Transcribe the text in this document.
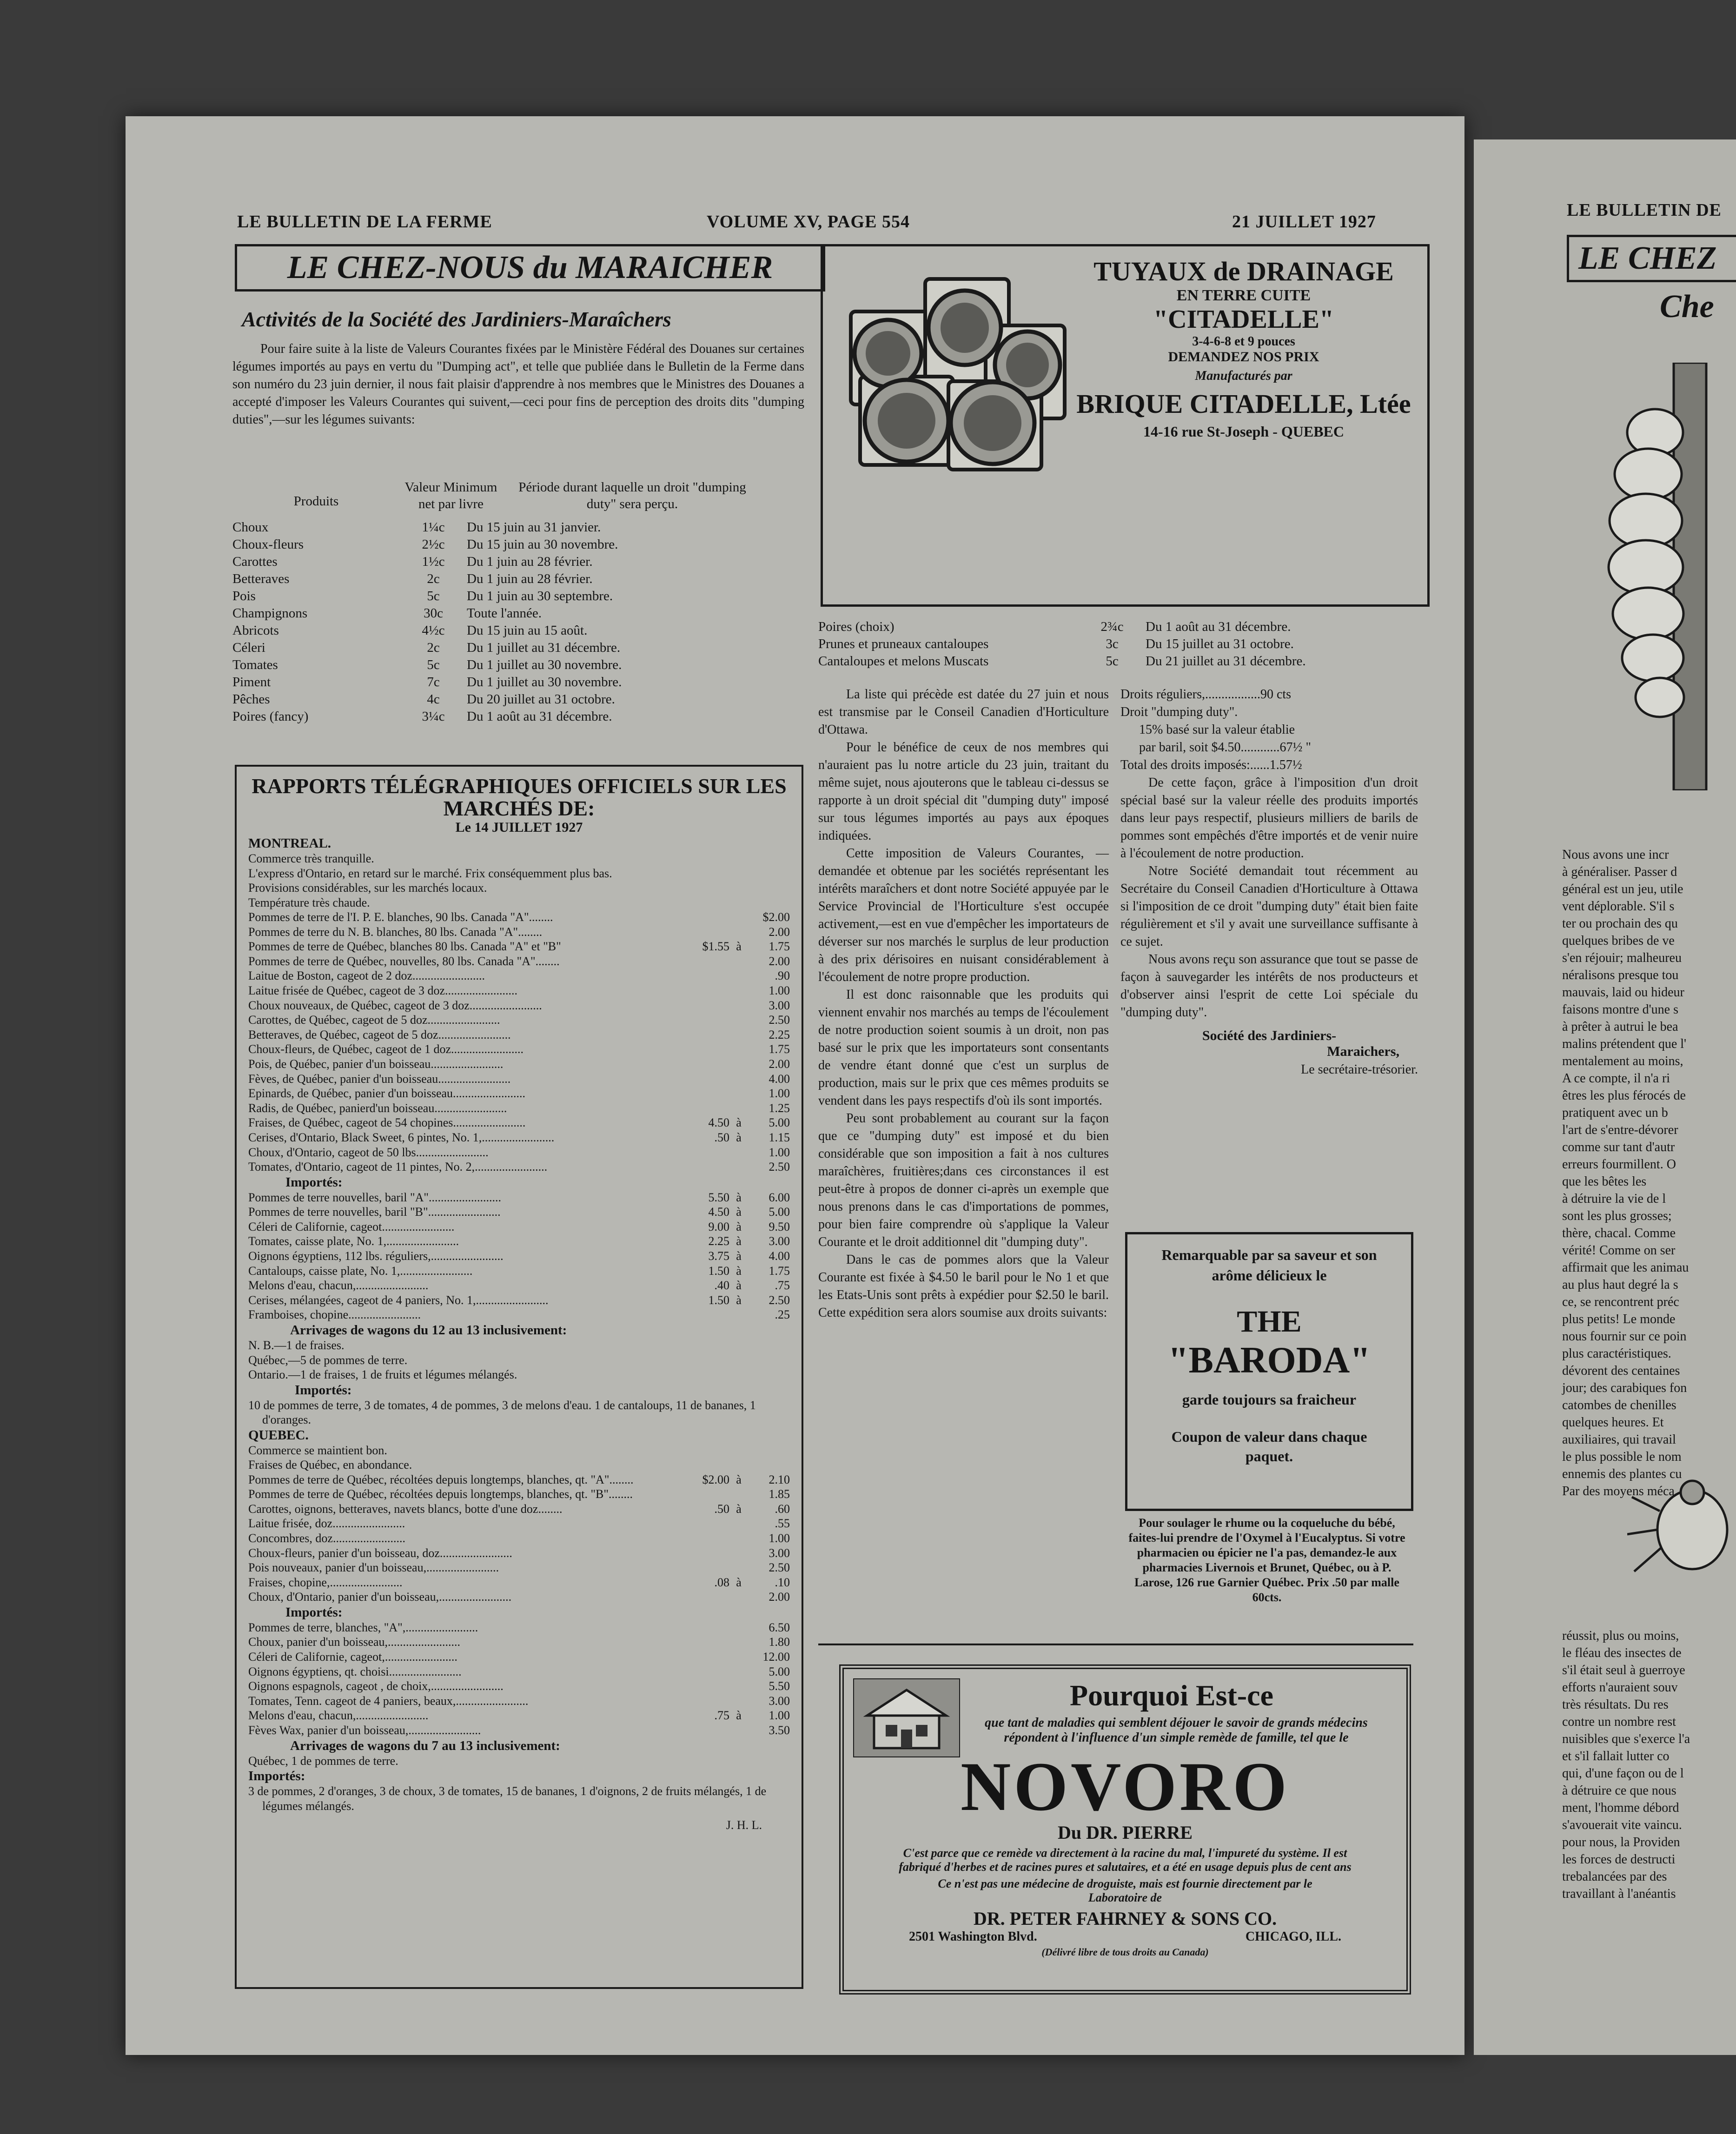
LE BULLETIN DE LA FERME	VOLUME XV, PAGE 554	21 JUILLET 1927
LE CHEZ-NOUS du MARAICHER
Activités de la Société des Jardiniers-Maraîchers

Pour faire suite à la liste de Valeurs Courantes fixées par le Ministère Fédéral des Douanes sur certaines légumes importés au pays en vertu du "Dumping act", et telle que publiée dans le Bulletin de la Ferme dans son numéro du 23 juin dernier, il nous fait plaisir d'apprendre à nos membres que le Ministres des Douanes a accepté d'imposer les Valeurs Courantes qui suivent,—ceci pour fins de perception des droits dits "dumping duties",—sur les légumes suivants:

Produits
Valeur Minimum net par livre
Période durant laquelle un droit "dumping duty" sera perçu.
Choux	1¼c	Du 15 juin au 31 janvier.
Choux-fleurs	2½c	Du 15 juin au 30 novembre.
Carottes	1½c	Du 1 juin au 28 février.
Betteraves	2c	Du 1 juin au 28 février.
Pois	5c	Du 1 juin au 30 septembre.
Champignons	30c	Toute l'année.
Abricots	4½c	Du 15 juin au 15 août.
Céleri	2c	Du 1 juillet au 31 décembre.
Tomates	5c	Du 1 juillet au 30 novembre.
Piment	7c	Du 1 juillet au 30 novembre.
Pêches	4c	Du 20 juillet au 31 octobre.
Poires (fancy)	3¼c	Du 1 août au 31 décembre.
RAPPORTS TÉLÉGRAPHIQUES OFFICIELS SUR LES MARCHÉS DE:
Le 14 JUILLET 1927
MONTREAL.
Commerce très tranquille.
L'express d'Ontario, en retard sur le marché. Frix conséquemment plus bas.
Provisions considérables, sur les marchés locaux.
Température très chaude.
Pommes de terre de l'I. P. E. blanches, 90 lbs. Canada "A"........			$2.00
Pommes de terre du N. B. blanches, 80 lbs. Canada "A"........			2.00
Pommes de terre de Québec, blanches 80 lbs. Canada "A" et "B"	$1.55	à	1.75
Pommes de terre de Québec, nouvelles, 80 lbs. Canada "A"........			2.00
Laitue de Boston, cageot de 2 doz........................			.90
Laitue frisée de Québec, cageot de 3 doz........................			1.00
Choux nouveaux, de Québec, cageot de 3 doz........................			3.00
Carottes, de Québec, cageot de 5 doz........................			2.50
Betteraves, de Québec, cageot de 5 doz........................			2.25
Choux-fleurs, de Québec, cageot de 1 doz........................			1.75
Pois, de Québec, panier d'un boisseau........................			2.00
Fèves, de Québec, panier d'un boisseau........................			4.00
Epinards, de Québec, panier d'un boisseau........................			1.00
Radis, de Québec, panierd'un boisseau........................			1.25
Fraises, de Québec, cageot de 54 chopines........................	4.50	à	5.00
Cerises, d'Ontario, Black Sweet, 6 pintes, No. 1,........................	.50	à	1.15
Choux, d'Ontario, cageot de 50 lbs........................			1.00
Tomates, d'Ontario, cageot de 11 pintes, No. 2,........................			2.50
Importés:
Pommes de terre nouvelles, baril "A"........................	5.50	à	6.00
Pommes de terre nouvelles, baril "B"........................	4.50	à	5.00
Céleri de Californie, cageot........................	9.00	à	9.50
Tomates, caisse plate, No. 1,........................	2.25	à	3.00
Oignons égyptiens, 112 lbs. réguliers,........................	3.75	à	4.00
Cantaloups, caisse plate, No. 1,........................	1.50	à	1.75
Melons d'eau, chacun,........................	.40	à	.75
Cerises, mélangées, cageot de 4 paniers, No. 1,........................	1.50	à	2.50
Framboises, chopine........................			.25
Arrivages de wagons du 12 au 13 inclusivement:
N. B.—1 de fraises.
Québec,—5 de pommes de terre.
Ontario.—1 de fraises, 1 de fruits et légumes mélangés.
Importés:
10 de pommes de terre, 3 de tomates, 4 de pommes, 3 de melons d'eau. 1 de cantaloups, 11 de bananes, 1 d'oranges.
QUEBEC.
Commerce se maintient bon.
Fraises de Québec, en abondance.
Pommes de terre de Québec, récoltées depuis longtemps, blanches, qt. "A"........	$2.00	à	2.10
Pommes de terre de Québec, récoltées depuis longtemps, blanches, qt. "B"........			1.85
Carottes, oignons, betteraves, navets blancs, botte d'une doz........	.50	à	.60
Laitue frisée, doz........................			.55
Concombres, doz........................			1.00
Choux-fleurs, panier d'un boisseau, doz........................			3.00
Pois nouveaux, panier d'un boisseau,........................			2.50
Fraises, chopine,........................	.08	à	.10
Choux, d'Ontario, panier d'un boisseau,........................			2.00
Importés:
Pommes de terre, blanches, "A",........................			6.50
Choux, panier d'un boisseau,........................			1.80
Céleri de Californie, cageot,........................			12.00
Oignons égyptiens, qt. choisi........................			5.00
Oignons espagnols, cageot , de choix,........................			5.50
Tomates, Tenn. cageot de 4 paniers, beaux,........................			3.00
Melons d'eau, chacun,........................	.75	à	1.00
Fèves Wax, panier d'un boisseau,........................			3.50
Arrivages de wagons du 7 au 13 inclusivement:
Québec, 1 de pommes de terre.
Importés:
3 de pommes, 2 d'oranges, 3 de choux, 3 de tomates, 15 de bananes, 1 d'oignons, 2 de fruits mélangés, 1 de légumes mélangés.
J. H. L.
TUYAUX de DRAINAGE
EN TERRE CUITE
"CITADELLE"
3-4-6-8 et 9 pouces
DEMANDEZ NOS PRIX
Manufacturés par
BRIQUE CITADELLE, Ltée
14-16 rue St-Joseph - QUEBEC
Poires (choix)	2¾c	Du 1 août au 31 décembre.
Prunes et pruneaux cantaloupes	3c	Du 15 juillet au 31 octobre.
Cantaloupes et melons Muscats	5c	Du 21 juillet au 31 décembre.

La liste qui précède est datée du 27 juin et nous est transmise par le Conseil Canadien d'Horticulture d'Ottawa.

Pour le bénéfice de ceux de nos membres qui n'auraient pas lu notre article du 23 juin, traitant du même sujet, nous ajouterons que le tableau ci-dessus se rapporte à un droit spécial dit "dumping duty" imposé sur tous légumes importés au pays aux époques indiquées.

Cette imposition de Valeurs Courantes, —demandée et obtenue par les sociétés représentant les intérêts maraîchers et dont notre Société appuyée par le Service Provincial de l'Horticulture s'est occupée activement,—est en vue d'empêcher les importateurs de déverser sur nos marchés le surplus de leur production à des prix dérisoires en nuisant considérablement à l'écoulement de notre propre production.

Il est donc raisonnable que les produits qui viennent envahir nos marchés au temps de l'écoulement de notre production soient soumis à un droit, non pas basé sur le prix que les importateurs sont consentants de vendre étant donné que c'est un surplus de production, mais sur le prix que ces mêmes produits se vendent dans les pays respectifs d'où ils sont importés.

Peu sont probablement au courant sur la façon que ce "dumping duty" est imposé et du bien considérable que son imposition a fait à nos cultures maraîchères, fruitières;dans ces circonstances il est peut-être à propos de donner ci-après un exemple que nous prenons dans le cas d'importations de pommes, pour bien faire comprendre où s'applique la Valeur Courante et le droit additionnel dit "dumping duty".

Dans le cas de pommes alors que la Valeur Courante est fixée à $4.50 le baril pour le No 1 et que les Etats-Unis sont prêts à expédier pour $2.50 le baril. Cette expédition sera alors soumise aux droits suivants:

Droits réguliers,.................90 cts
Droit "dumping duty".
15% basé sur la valeur établie
par baril, soit $4.50............67½ "
Total des droits imposés:......1.57½

De cette façon, grâce à l'imposition d'un droit spécial basé sur la valeur réelle des produits importés dans leur pays respectif, plusieurs milliers de barils de pommes sont empêchés d'être importés et de venir nuire à l'écoulement de notre production.

Notre Société demandait tout récemment au Secrétaire du Conseil Canadien d'Horticulture à Ottawa si l'imposition de ce droit "dumping duty" était bien faite régulièrement et s'il y avait une surveillance suffisante à ce sujet.

Nous avons reçu son assurance que tout se passe de façon à sauvegarder les intérêts de nos producteurs et d'observer ainsi l'esprit de cette Loi spéciale du "dumping duty".

Société des Jardiniers-
Maraichers,
Le secrétaire-trésorier.
Remarquable par sa saveur et son arôme délicieux le
THE
"BARODA"
garde toujours sa fraicheur
Coupon de valeur dans chaque paquet.
Pour soulager le rhume ou la coqueluche du bébé, faites-lui prendre de l'Oxymel à l'Eucalyptus. Si votre pharmacien ou épicier ne l'a pas, demandez-le aux pharmacies Livernois et Brunet, Québec, ou à P. Larose, 126 rue Garnier Québec. Prix .50 par malle 60cts.
Pourquoi Est-ce
que tant de maladies qui semblent déjouer le savoir de grands médecins répondent à l'influence d'un simple remède de famille, tel que le
NOVORO
Du DR. PIERRE
C'est parce que ce remède va directement à la racine du mal, l'impureté du système. Il est fabriqué d'herbes et de racines pures et salutaires, et a été en usage depuis plus de cent ans
Ce n'est pas une médecine de droguiste, mais est fournie directement par le Laboratoire de
DR. PETER FAHRNEY & SONS CO.
2501 Washington Blvd.	CHICAGO, ILL.
(Délivré libre de tous droits au Canada)
LE BULLETIN DE
LE CHEZ
Che
Nous avons une incr
à généraliser. Passer d
général est un jeu, utile
vent déplorable. S'il s
ter ou prochain des qu
quelques bribes de ve
s'en réjouir; malheureu
néralisons presque tou
mauvais, laid ou hideur
faisons montre d'une s
à prêter à autrui le bea
malins prétendent que l'
mentalement au moins,
A ce compte, il n'a ri
êtres les plus férocés de
pratiquent avec un b
l'art de s'entre-dévorer
comme sur tant d'autr
erreurs fourmillent. O
que les bêtes les
à détruire la vie de l
sont les plus grosses;
thère, chacal. Comme
vérité! Comme on ser
affirmait que les animau
au plus haut degré la s
ce, se rencontrent préc
plus petits! Le monde
nous fournir sur ce poin
plus caractéristiques.
dévorent des centaines
jour; des carabiques fon
catombes de chenilles
quelques heures. Et
auxiliaires, qui travail
le plus possible le nom
ennemis des plantes cu
Par des moyens méca
réussit, plus ou moins,
le fléau des insectes de
s'il était seul à guerroye
efforts n'auraient souv
très résultats. Du res
contre un nombre rest
nuisibles que s'exerce l'a
et s'il fallait lutter co
qui, d'une façon ou de l
à détruire ce que nous
ment, l'homme débord
s'avouerait vite vaincu.
pour nous, la Providen
les forces de destructi
trebalancées par des
travaillant à l'anéantis
